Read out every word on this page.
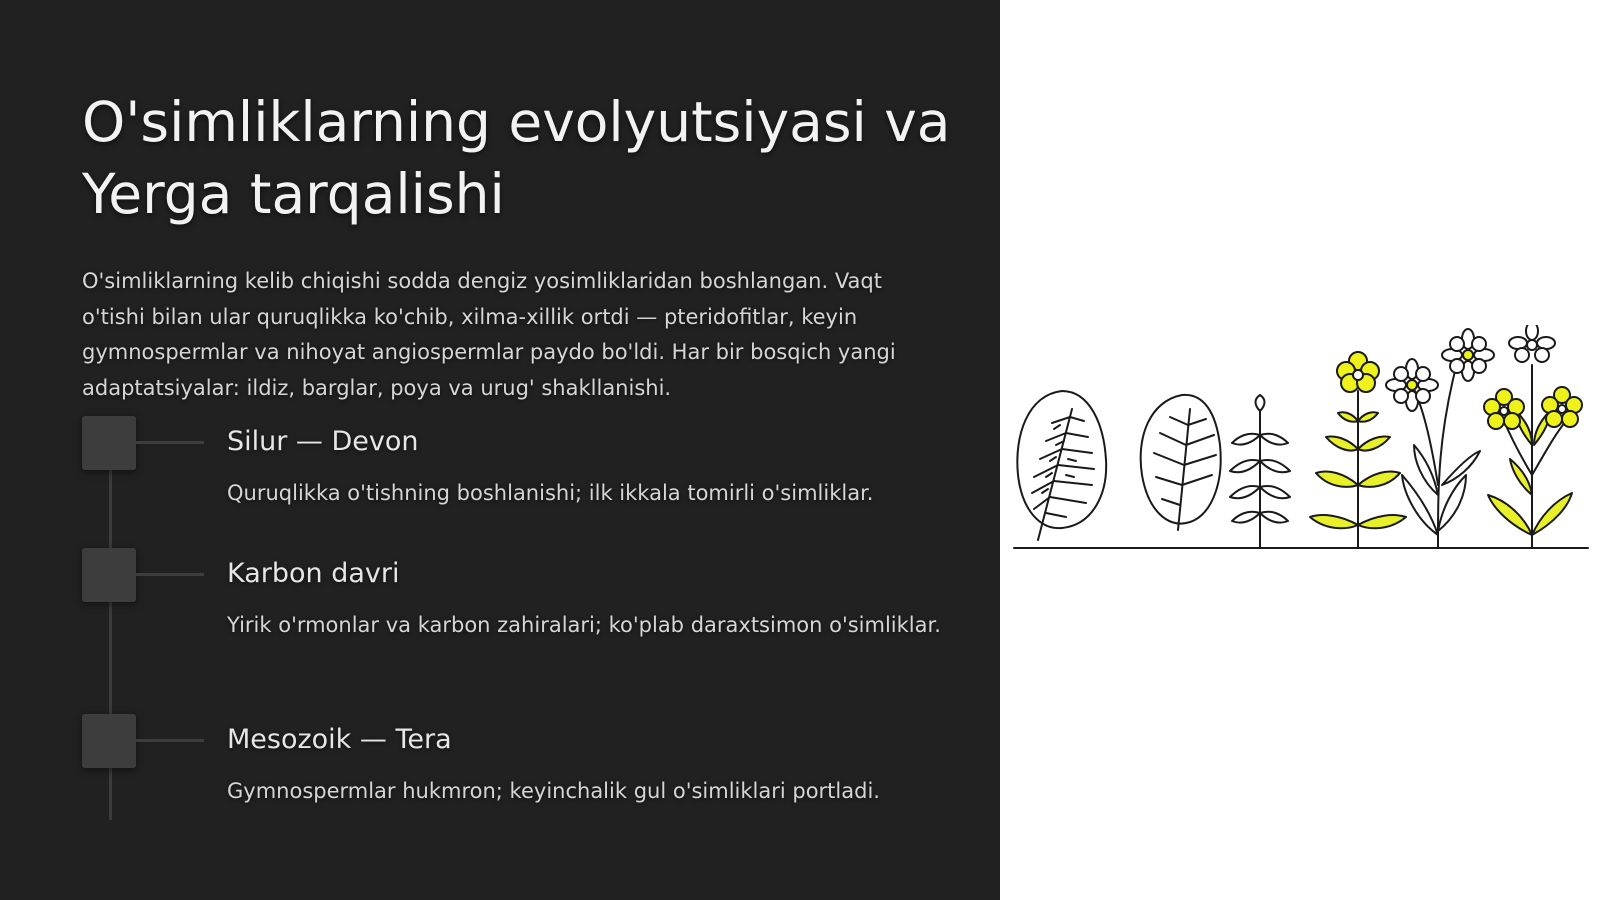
O'simliklarning evolyutsiyasi va Yerga tarqalishi

O'simliklarning kelib chiqishi sodda dengiz yosimliklaridan boshlangan. Vaqt o'tishi bilan ular quruqlikka ko'chib, xilma-xillik ortdi — pteridofitlar, keyin gymnospermlar va nihoyat angiospermlar paydo bo'ldi. Har bir bosqich yangi adaptatsiyalar: ildiz, barglar, poya va urug' shakllanishi.

Silur — Devon

Quruqlikka o'tishning boshlanishi; ilk ikkala tomirli o'simliklar.

Karbon davri

Yirik o'rmonlar va karbon zahiralari; ko'plab daraxtsimon o'simliklar.

Mesozoik — Tera

Gymnospermlar hukmron; keyinchalik gul o'simliklari portladi.
